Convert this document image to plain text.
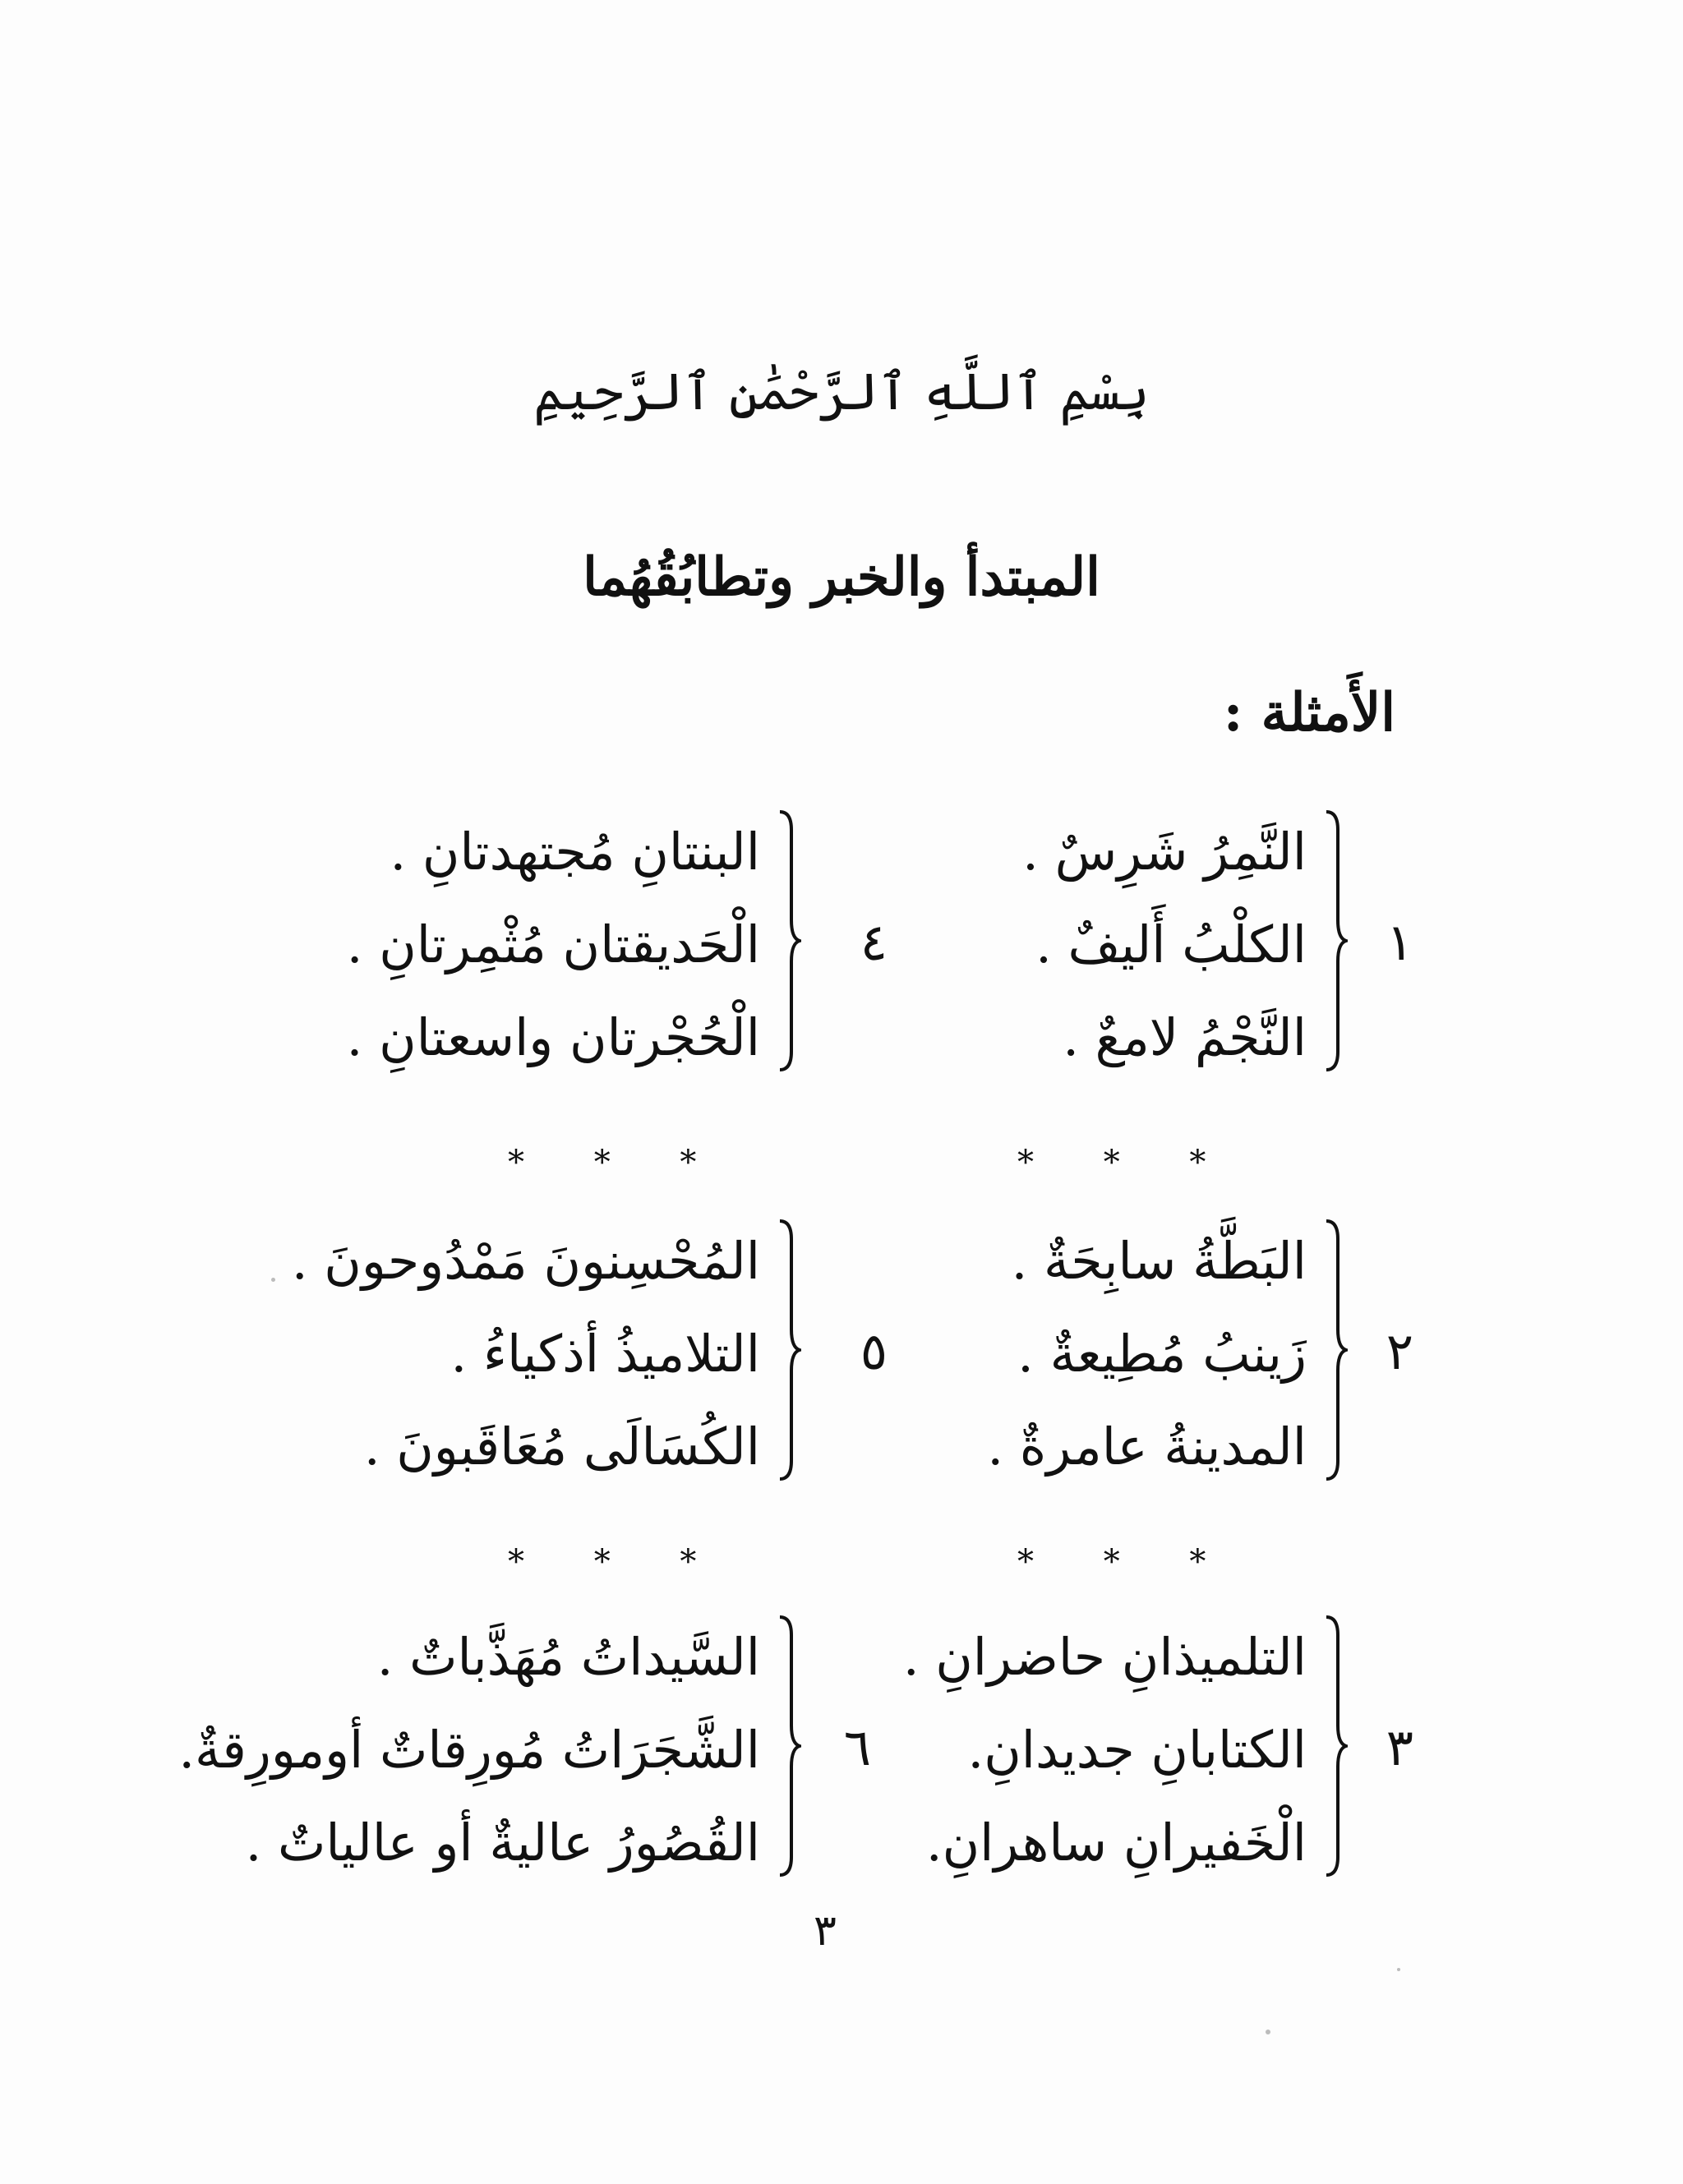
بِسْمِ ٱللَّهِ ٱلرَّحْمَٰنِ ٱلرَّحِيمِ
المبتدأ والخبر وتطابُقُهُما
الأَمثلة :
١
النَّمِرُ شَرِسٌ .
الكلْبُ أَليفٌ .
النَّجْمُ لامعٌ .
* * *
٢
البَطَّةُ سابِحَةٌ .
زَينبُ مُطِيعةٌ .
المدينةُ عامرةٌ .
* * *
٣
التلميذانِ حاضرانِ .
الكتابانِ جديدانِ.
الْخَفيرانِ ساهرانِ.
٤
البنتانِ مُجتهدتانِ .
الْحَديقتان مُثْمِرتانِ .
الْحُجْرتان واسعتانِ .
* * *
٥
المُحْسِنونَ مَمْدُوحونَ .
التلاميذُ أذكياءُ .
الكُسَالَى مُعَاقَبونَ .
* * *
٦
السَّيداتُ مُهَذَّباتٌ .
الشَّجَرَاتُ مُورِقاتٌ أومورِقةٌ.
القُصُورُ عاليةٌ أو عالياتٌ .
٣
